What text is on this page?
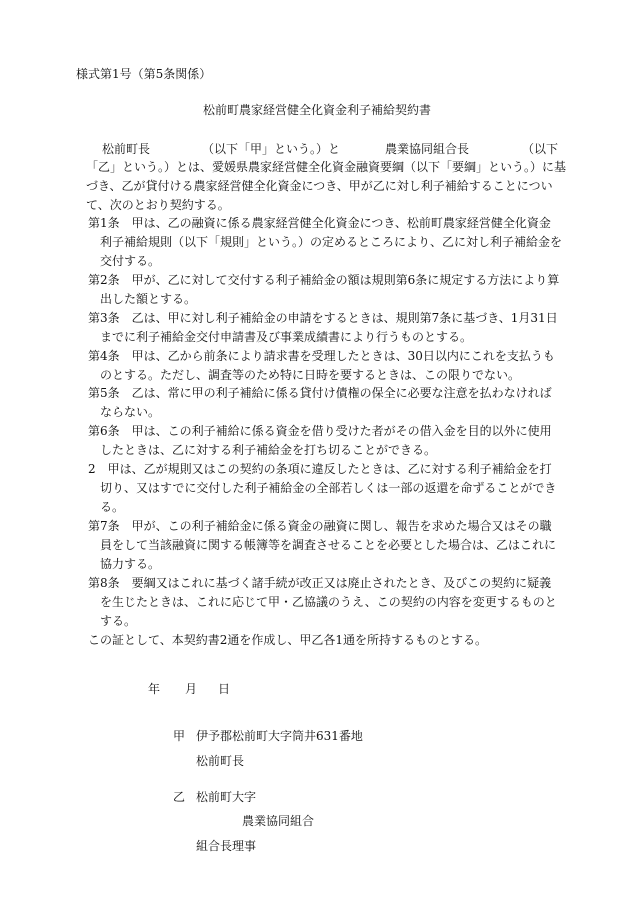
様式第1号（第5条関係）
松前町農家経営健全化資金利子補給契約書
松前町長	（以下「甲」という。）と	農業協同組合長	（以下
「乙」という。）とは、愛媛県農家経営健全化資金融資要綱（以下「要綱」という。）に基
づき、乙が貸付ける農家経営健全化資金につき、甲が乙に対し利子補給することについ
て、次のとおり契約する。
第1条　甲は、乙の融資に係る農家経営健全化資金につき、松前町農家経営健全化資金
利子補給規則（以下「規則」という。）の定めるところにより、乙に対し利子補給金を
交付する。
第2条　甲が、乙に対して交付する利子補給金の額は規則第6条に規定する方法により算
出した額とする。
第3条　乙は、甲に対し利子補給金の申請をするときは、規則第7条に基づき、1月31日
までに利子補給金交付申請書及び事業成績書により行うものとする。
第4条　甲は、乙から前条により請求書を受理したときは、30日以内にこれを支払うも
のとする。ただし、調査等のため特に日時を要するときは、この限りでない。
第5条　乙は、常に甲の利子補給に係る貸付け債権の保全に必要な注意を払わなければ
ならない。
第6条　甲は、この利子補給に係る資金を借り受けた者がその借入金を目的以外に使用
したときは、乙に対する利子補給金を打ち切ることができる。
2　甲は、乙が規則又はこの契約の条項に違反したときは、乙に対する利子補給金を打
切り、又はすでに交付した利子補給金の全部若しくは一部の返還を命ずることができ
る。
第7条　甲が、この利子補給金に係る資金の融資に関し、報告を求めた場合又はその職
員をして当該融資に関する帳簿等を調査させることを必要とした場合は、乙はこれに
協力する。
第8条　要綱又はこれに基づく諸手続が改正又は廃止されたとき、及びこの契約に疑義
を生じたときは、これに応じて甲・乙協議のうえ、この契約の内容を変更するものと
する。
この証として、本契約書2通を作成し、甲乙各1通を所持するものとする。
年 月 日
甲 伊予郡松前町大字筒井631番地
松前町長
乙 松前町大字
農業協同組合
組合長理事
